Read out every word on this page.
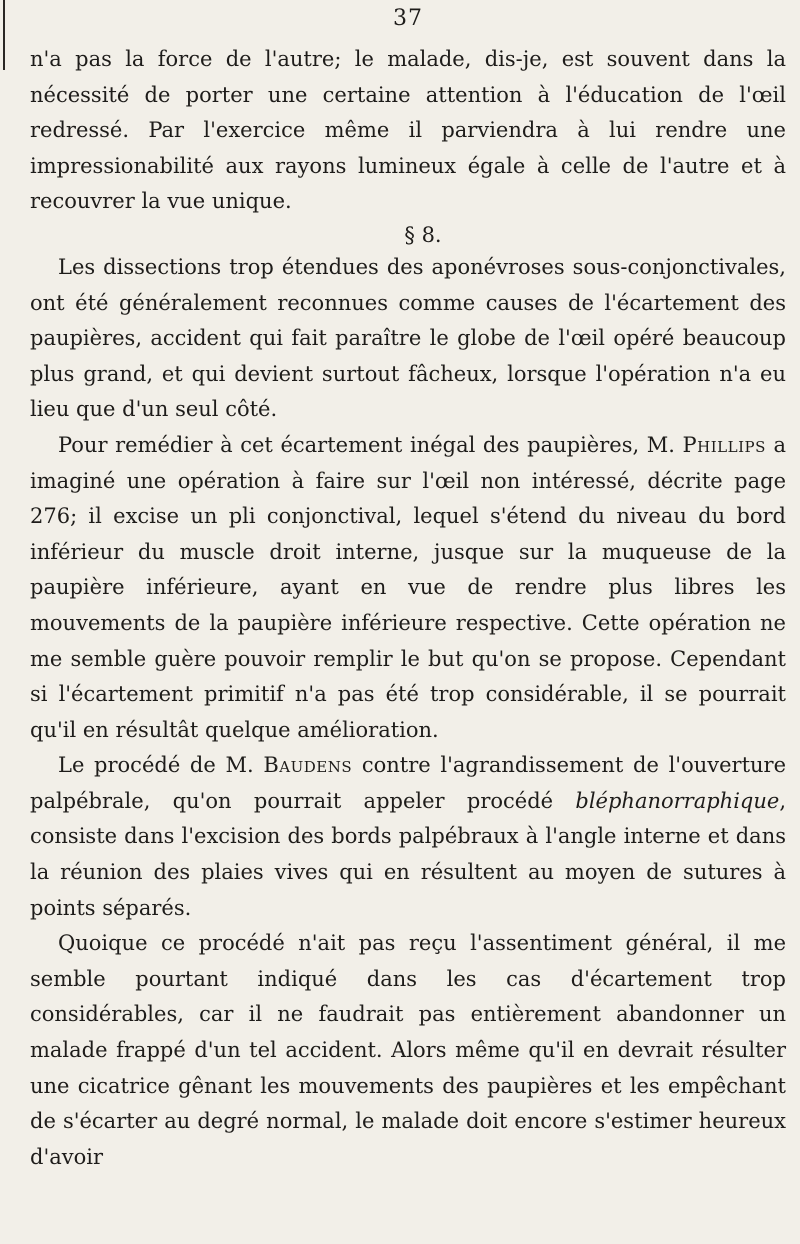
37

n'a pas la force de l'autre; le malade, dis-je, est souvent dans la nécessité de porter une certaine attention à l'éducation de l'œil redressé. Par l'exercice même il parviendra à lui rendre une impressionabilité aux rayons lumineux égale à celle de l'autre et à recouvrer la vue unique.

§ 8.

Les dissections trop étendues des aponévroses sous-conjonctivales, ont été généralement reconnues comme causes de l'écartement des paupières, accident qui fait paraître le globe de l'œil opéré beaucoup plus grand, et qui devient surtout fâcheux, lorsque l'opération n'a eu lieu que d'un seul côté.

Pour remédier à cet écartement inégal des paupières, M. Phillips a imaginé une opération à faire sur l'œil non intéressé, décrite page 276; il excise un pli conjonctival, lequel s'étend du niveau du bord inférieur du muscle droit interne, jusque sur la muqueuse de la paupière inférieure, ayant en vue de rendre plus libres les mouvements de la paupière inférieure respective. Cette opération ne me semble guère pouvoir remplir le but qu'on se propose. Cependant si l'écartement primitif n'a pas été trop considérable, il se pourrait qu'il en résultât quelque amélioration.

Le procédé de M. Baudens contre l'agrandissement de l'ouverture palpébrale, qu'on pourrait appeler procédé bléphanorraphique, consiste dans l'excision des bords palpébraux à l'angle interne et dans la réunion des plaies vives qui en résultent au moyen de sutures à points séparés.

Quoique ce procédé n'ait pas reçu l'assentiment général, il me semble pourtant indiqué dans les cas d'écartement trop considérables, car il ne faudrait pas entièrement abandonner un malade frappé d'un tel accident. Alors même qu'il en devrait résulter une cicatrice gênant les mouvements des paupières et les empêchant de s'écarter au degré normal, le malade doit encore s'estimer heureux d'avoir
